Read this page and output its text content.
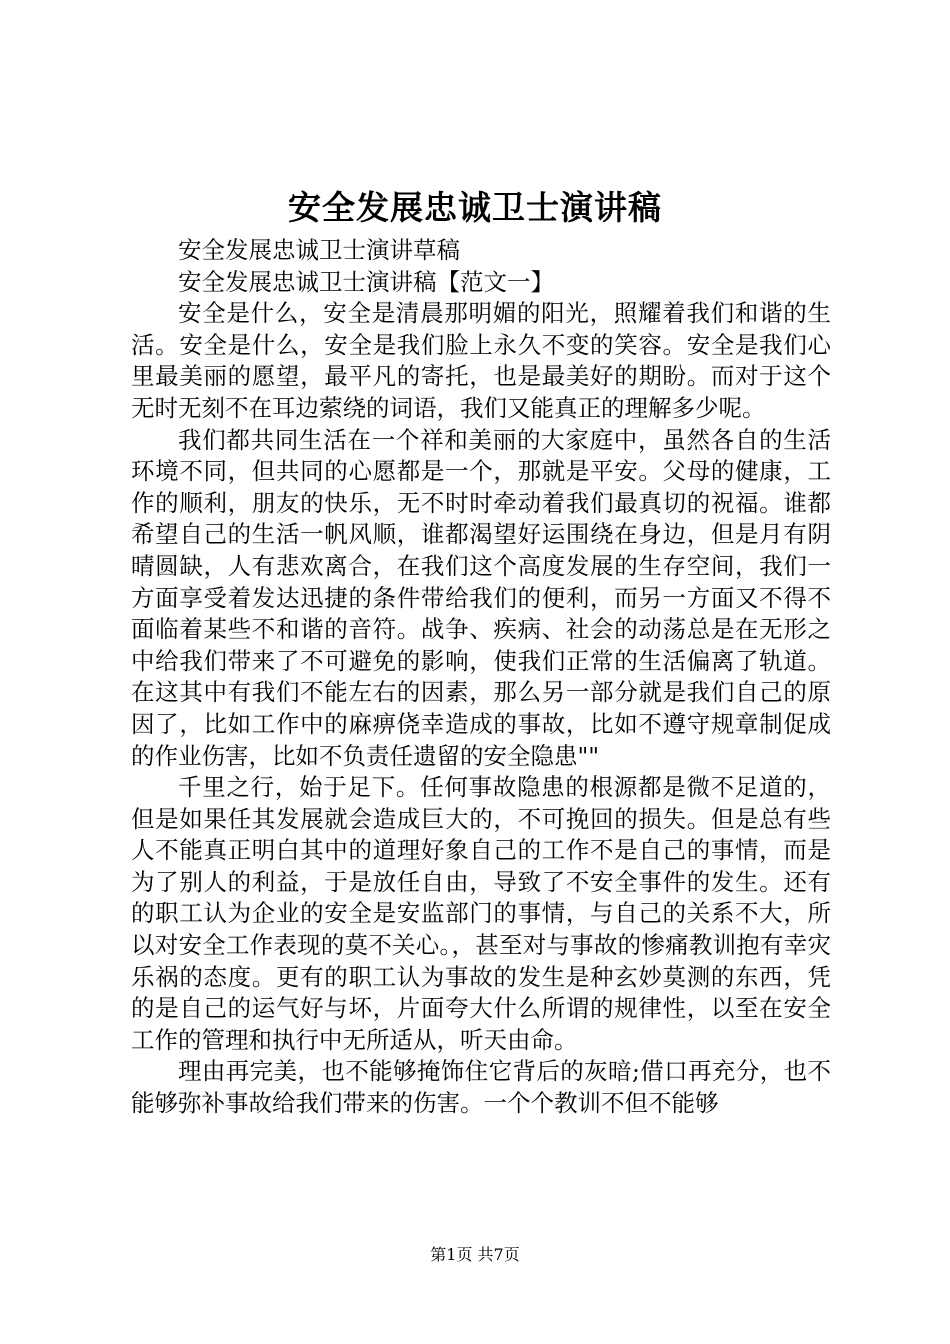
安全发展忠诚卫士演讲稿

安全发展忠诚卫士演讲草稿

安全发展忠诚卫士演讲稿【范文一】

安全是什么，安全是清晨那明媚的阳光，照耀着我们和谐的生活。安全是什么，安全是我们脸上永久不变的笑容。安全是我们心里最美丽的愿望，最平凡的寄托，也是最美好的期盼。而对于这个无时无刻不在耳边萦绕的词语，我们又能真正的理解多少呢。

我们都共同生活在一个祥和美丽的大家庭中，虽然各自的生活环境不同，但共同的心愿都是一个，那就是平安。父母的健康，工作的顺利，朋友的快乐，无不时时牵动着我们最真切的祝福。谁都希望自己的生活一帆风顺，谁都渴望好运围绕在身边，但是月有阴晴圆缺，人有悲欢离合，在我们这个高度发展的生存空间，我们一方面享受着发达迅捷的条件带给我们的便利，而另一方面又不得不面临着某些不和谐的音符。战争、疾病、社会的动荡总是在无形之中给我们带来了不可避免的影响，使我们正常的生活偏离了轨道。在这其中有我们不能左右的因素，那么另一部分就是我们自己的原因了，比如工作中的麻痹侥幸造成的事故，比如不遵守规章制促成的作业伤害，比如不负责任遗留的安全隐患""

千里之行，始于足下。任何事故隐患的根源都是微不足道的，但是如果任其发展就会造成巨大的，不可挽回的损失。但是总有些人不能真正明白其中的道理好象自己的工作不是自己的事情，而是为了别人的利益，于是放任自由，导致了不安全事件的发生。还有的职工认为企业的安全是安监部门的事情，与自己的关系不大，所以对安全工作表现的莫不关心。，甚至对与事故的惨痛教训抱有幸灾乐祸的态度。更有的职工认为事故的发生是种玄妙莫测的东西，凭的是自己的运气好与坏，片面夸大什么所谓的规律性，以至在安全工作的管理和执行中无所适从，听天由命。

理由再完美，也不能够掩饰住它背后的灰暗;借口再充分，也不能够弥补事故给我们带来的伤害。一个个教训不但不能够

第1页 共7页
